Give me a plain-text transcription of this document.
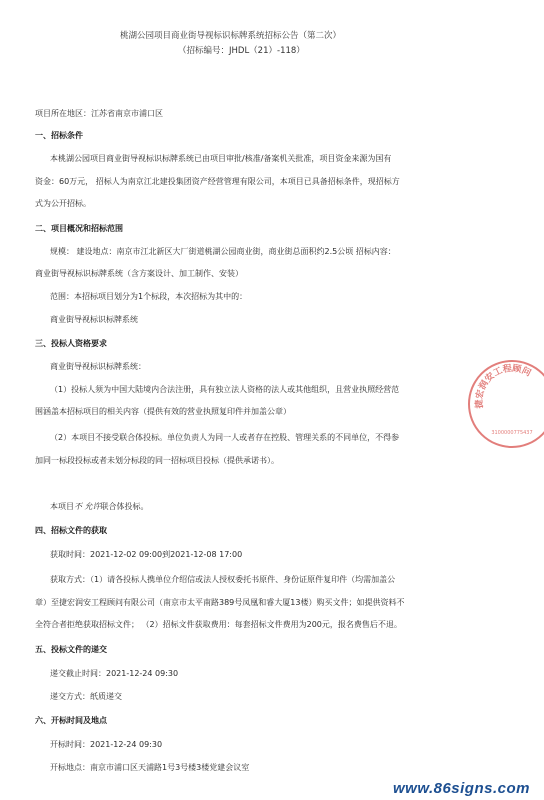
桃湖公园项目商业街导视标识标牌系统招标公告（第二次）
（招标编号：JHDL（21）-118）
项目所在地区：江苏省南京市浦口区
一、招标条件
本桃湖公园项目商业街导视标识标牌系统已由项目审批/核准/备案机关批准，项目资金来源为国有
资金：60万元， 招标人为南京江北建投集团资产经营管理有限公司，本项目已具备招标条件，现招标方
式为公开招标。
二、项目概况和招标范围
规模： 建设地点：南京市江北新区大厂街道桃湖公园商业街，商业街总面积约2.5公顷 招标内容：
商业街导视标识标牌系统（含方案设计、加工制作、安装）
范围：本招标项目划分为1个标段，本次招标为其中的：
商业街导视标识标牌系统
三、投标人资格要求
商业街导视标识标牌系统：
（1）投标人须为中国大陆境内合法注册，具有独立法人资格的法人或其他组织，且营业执照经营范
围涵盖本招标项目的相关内容（提供有效的营业执照复印件并加盖公章）
（2）本项目不接受联合体投标。单位负责人为同一人或者存在控股、管理关系的不同单位，不得参
加同一标段投标或者未划分标段的同一招标项目投标（提供承诺书）。
本项目不 允许联合体投标。
四、招标文件的获取
获取时间：2021-12-02 09:00到2021-12-08 17:00
获取方式：（1）请各投标人携单位介绍信或法人授权委托书原件、身份证原件复印件（均需加盖公
章）至捷宏润安工程顾问有限公司（南京市太平南路389号凤凰和睿大厦13楼）购买文件；如提供资料不
全符合者拒绝获取招标文件； （2）招标文件获取费用：每套招标文件费用为200元，报名费售后不退。
五、投标文件的递交
递交截止时间：2021-12-24 09:30
递交方式：纸质递交
六、开标时间及地点
开标时间：2021-12-24 09:30
开标地点：南京市浦口区天浦路1号3号楼3楼党建会议室
捷宏润安工程顾问
3100000775437
www.86signs.com
